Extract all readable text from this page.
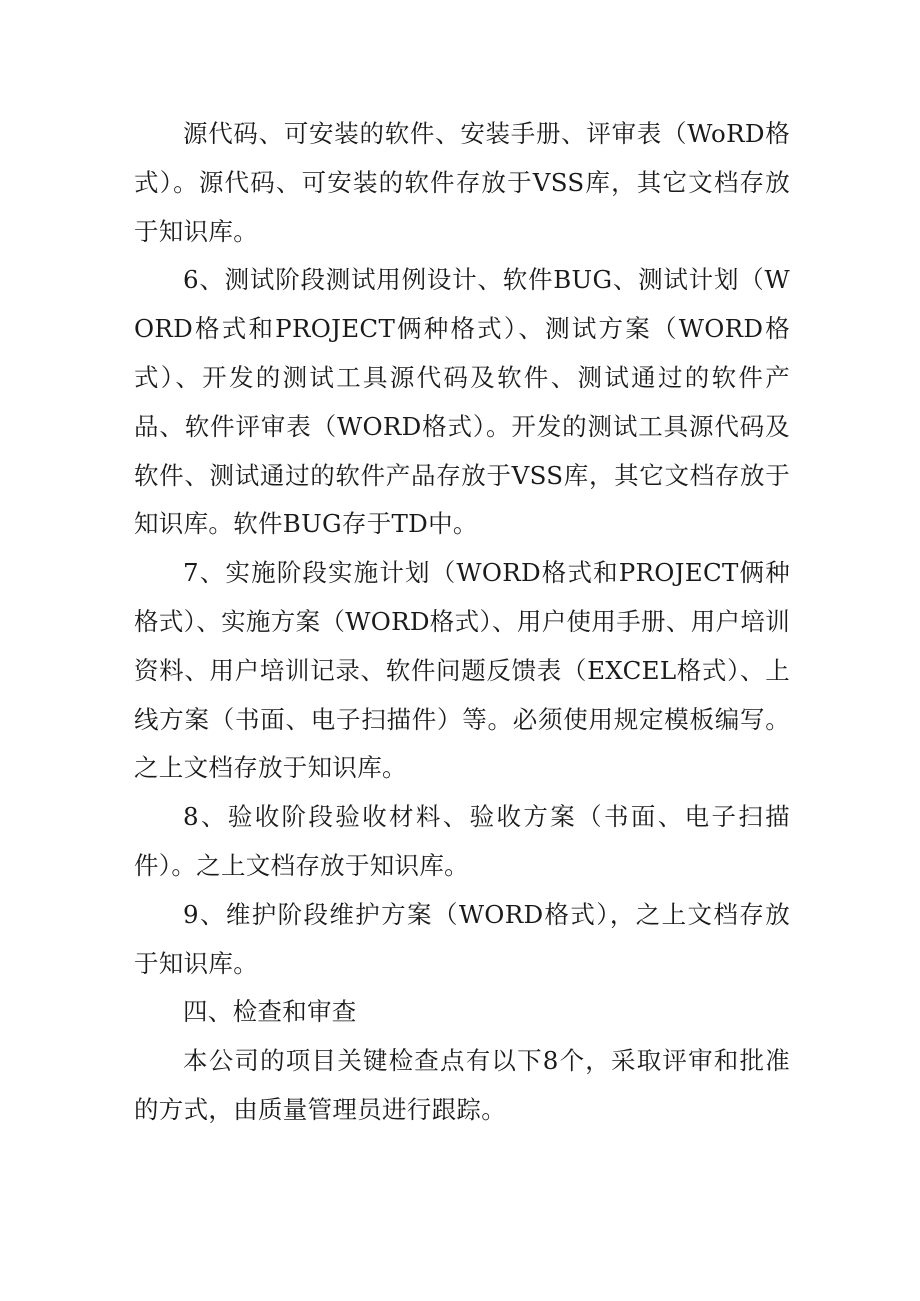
源代码、可安装的软件、安装手册、评审表（WoRD格式）。源代码、可安装的软件存放于VSS库，其它文档存放于知识库。

6、测试阶段测试用例设计、软件BUG、测试计划（WORD格式和PROJECT俩种格式）、测试方案（WORD格式）、开发的测试工具源代码及软件、测试通过的软件产品、软件评审表（WORD格式）。开发的测试工具源代码及软件、测试通过的软件产品存放于VSS库，其它文档存放于知识库。软件BUG存于TD中。

7、实施阶段实施计划（WORD格式和PROJECT俩种格式）、实施方案（WORD格式）、用户使用手册、用户培训资料、用户培训记录、软件问题反馈表（EXCEL格式）、上线方案（书面、电子扫描件）等。必须使用规定模板编写。之上文档存放于知识库。

8、验收阶段验收材料、验收方案（书面、电子扫描件）。之上文档存放于知识库。

9、维护阶段维护方案（WORD格式），之上文档存放于知识库。

四、检查和审查

本公司的项目关键检查点有以下8个，采取评审和批准的方式，由质量管理员进行跟踪。
